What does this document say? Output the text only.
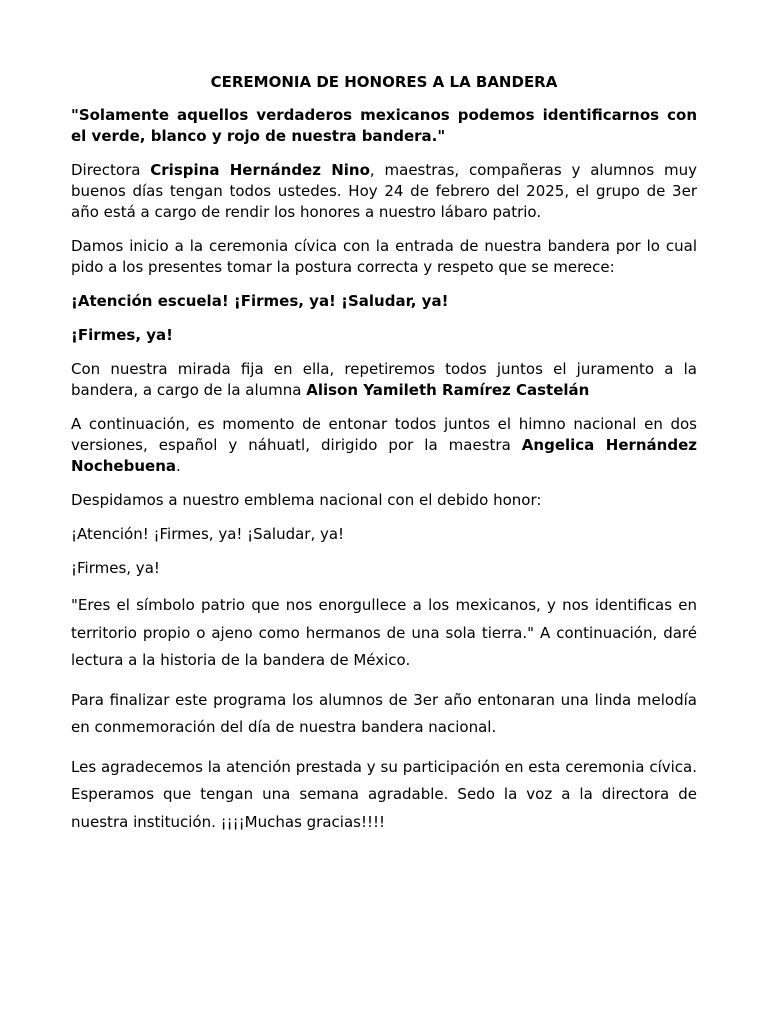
CEREMONIA DE HONORES A LA BANDERA

"Solamente aquellos verdaderos mexicanos podemos identificarnos con el verde, blanco y rojo de nuestra bandera."

Directora Crispina Hernández Nino, maestras, compañeras y alumnos muy buenos días tengan todos ustedes. Hoy 24 de febrero del 2025, el grupo de 3er año está a cargo de rendir los honores a nuestro lábaro patrio.

Damos inicio a la ceremonia cívica con la entrada de nuestra bandera por lo cual pido a los presentes tomar la postura correcta y respeto que se merece:

¡Atención escuela! ¡Firmes, ya! ¡Saludar, ya!

¡Firmes, ya!

Con nuestra mirada fija en ella, repetiremos todos juntos el juramento a la bandera, a cargo de la alumna Alison Yamileth Ramírez Castelán

A continuación, es momento de entonar todos juntos el himno nacional en dos versiones, español y náhuatl, dirigido por la maestra Angelica Hernández Nochebuena.

Despidamos a nuestro emblema nacional con el debido honor:

¡Atención! ¡Firmes, ya! ¡Saludar, ya!

¡Firmes, ya!

"Eres el símbolo patrio que nos enorgullece a los mexicanos, y nos identificas en territorio propio o ajeno como hermanos de una sola tierra." A continuación, daré lectura a la historia de la bandera de México.

Para finalizar este programa los alumnos de 3er año entonaran una linda melodía en conmemoración del día de nuestra bandera nacional.

Les agradecemos la atención prestada y su participación en esta ceremonia cívica. Esperamos que tengan una semana agradable. Sedo la voz a la directora de nuestra institución. ¡¡¡¡Muchas gracias!!!!
